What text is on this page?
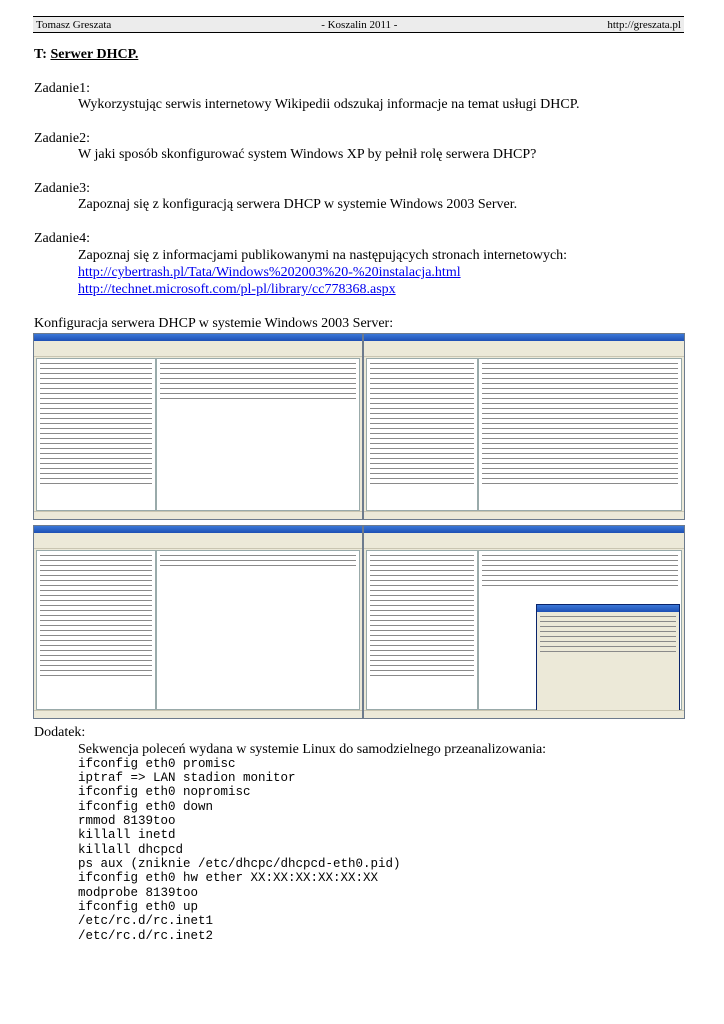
Tomasz Greszata	- Koszalin 2011 -	http://greszata.pl
T: Serwer DHCP.
Zadanie1:
Wykorzystując serwis internetowy Wikipedii odszukaj informacje na temat usługi DHCP.
Zadanie2:
W jaki sposób skonfigurować system Windows XP by pełnił rolę serwera DHCP?
Zadanie3:
Zapoznaj się z konfiguracją serwera DHCP w systemie Windows 2003 Server.
Zadanie4:
Zapoznaj się z informacjami publikowanymi na następujących stronach internetowych:
http://cybertrash.pl/Tata/Windows%202003%20-%20instalacja.html
http://technet.microsoft.com/pl-pl/library/cc778368.aspx
Konfiguracja serwera DHCP w systemie Windows 2003 Server:
Dodatek:
Sekwencja poleceń wydana w systemie Linux do samodzielnego przeanalizowania:
ifconfig eth0 promisc
iptraf => LAN stadion monitor
ifconfig eth0 nopromisc
ifconfig eth0 down
rmmod 8139too
killall inetd
killall dhcpcd
ps aux (zniknie /etc/dhcpc/dhcpcd-eth0.pid)
ifconfig eth0 hw ether XX:XX:XX:XX:XX:XX
modprobe 8139too
ifconfig eth0 up
/etc/rc.d/rc.inet1
/etc/rc.d/rc.inet2
